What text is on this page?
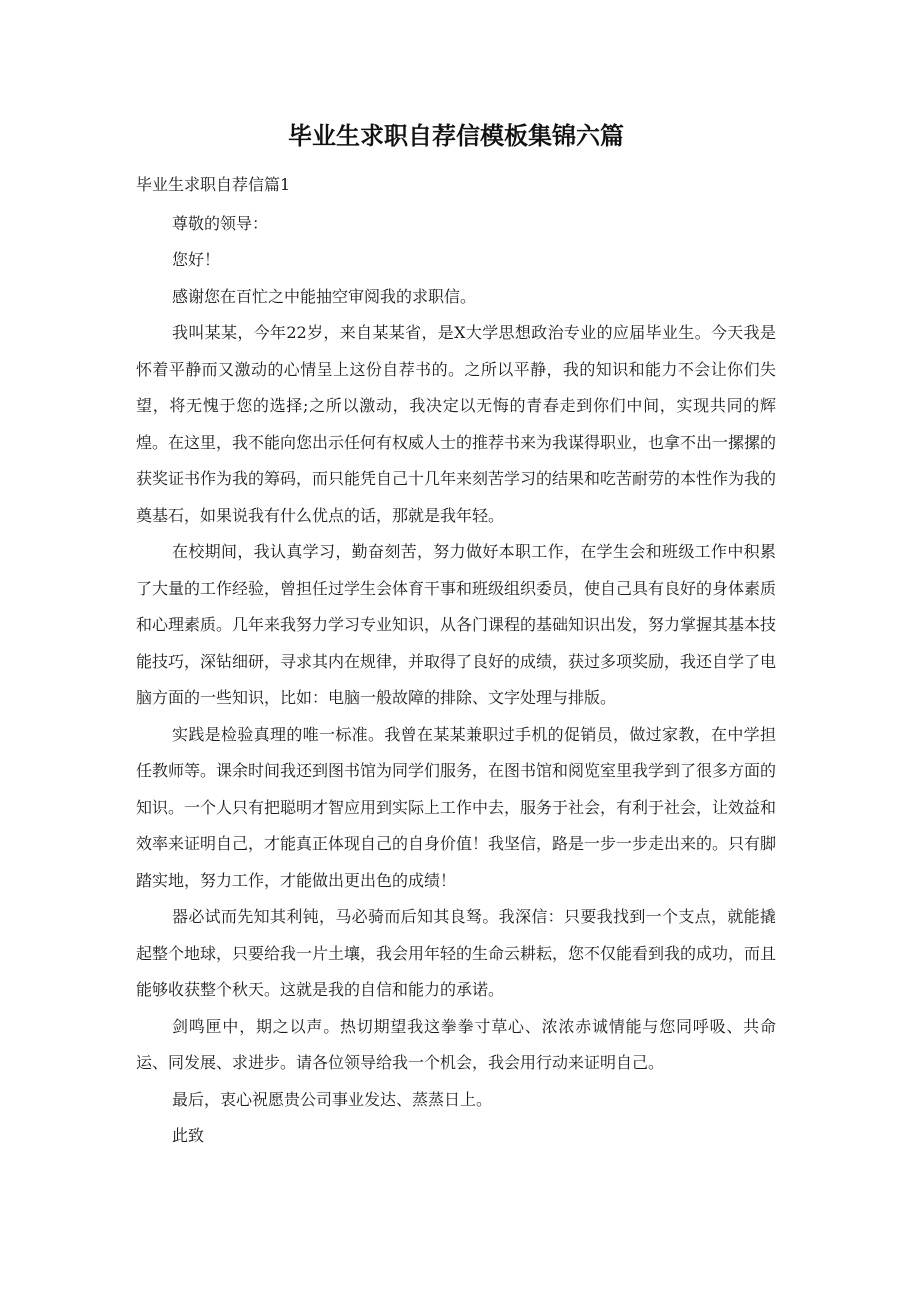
毕业生求职自荐信模板集锦六篇

毕业生求职自荐信篇1

尊敬的领导：

您好！

感谢您在百忙之中能抽空审阅我的求职信。

我叫某某，今年22岁，来自某某省，是X大学思想政治专业的应届毕业生。今天我是怀着平静而又激动的心情呈上这份自荐书的。之所以平静，我的知识和能力不会让你们失望，将无愧于您的选择;之所以激动，我决定以无悔的青春走到你们中间，实现共同的辉煌。在这里，我不能向您出示任何有权威人士的推荐书来为我谋得职业，也拿不出一摞摞的获奖证书作为我的筹码，而只能凭自己十几年来刻苦学习的结果和吃苦耐劳的本性作为我的奠基石，如果说我有什么优点的话，那就是我年轻。

在校期间，我认真学习，勤奋刻苦，努力做好本职工作，在学生会和班级工作中积累了大量的工作经验，曾担任过学生会体育干事和班级组织委员，使自己具有良好的身体素质和心理素质。几年来我努力学习专业知识，从各门课程的基础知识出发，努力掌握其基本技能技巧，深钻细研，寻求其内在规律，并取得了良好的成绩，获过多项奖励，我还自学了电脑方面的一些知识，比如：电脑一般故障的排除、文字处理与排版。

实践是检验真理的唯一标准。我曾在某某兼职过手机的促销员，做过家教，在中学担任教师等。课余时间我还到图书馆为同学们服务，在图书馆和阅览室里我学到了很多方面的知识。一个人只有把聪明才智应用到实际上工作中去，服务于社会，有利于社会，让效益和效率来证明自己，才能真正体现自己的自身价值！我坚信，路是一步一步走出来的。只有脚踏实地，努力工作，才能做出更出色的成绩！

器必试而先知其利钝，马必骑而后知其良驽。我深信：只要我找到一个支点，就能撬起整个地球，只要给我一片土壤，我会用年轻的生命云耕耘，您不仅能看到我的成功，而且能够收获整个秋天。这就是我的自信和能力的承诺。

剑鸣匣中，期之以声。热切期望我这拳拳寸草心、浓浓赤诚情能与您同呼吸、共命运、同发展、求进步。请各位领导给我一个机会，我会用行动来证明自己。

最后，衷心祝愿贵公司事业发达、蒸蒸日上。

此致
